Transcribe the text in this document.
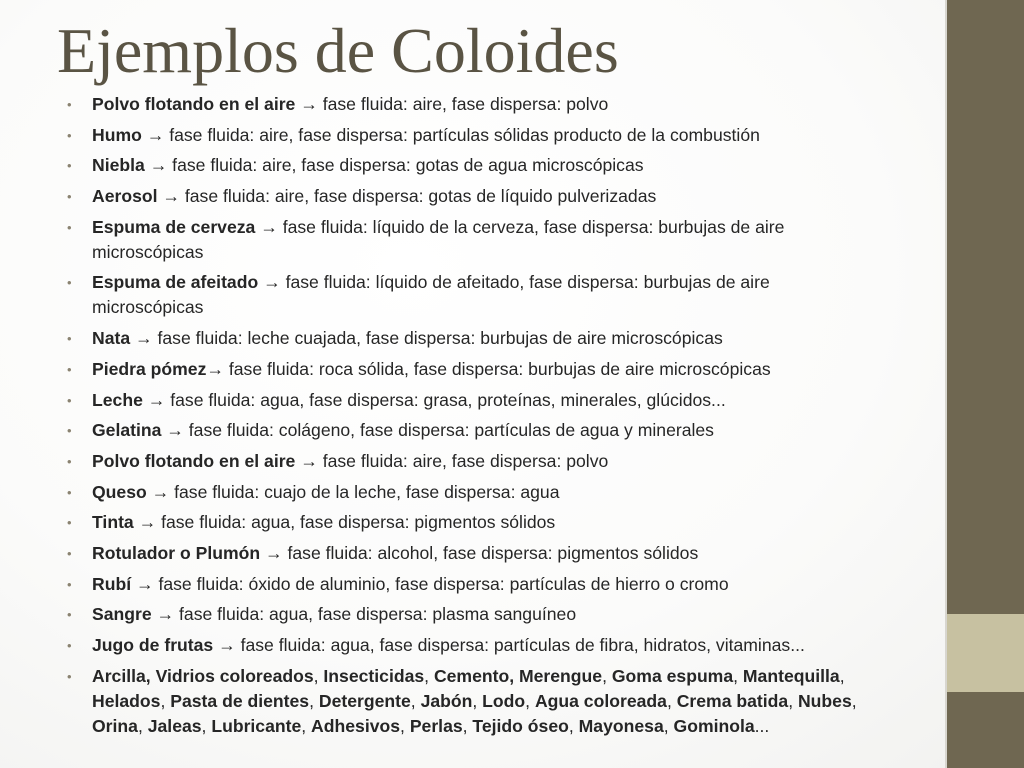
Ejemplos de Coloides
• Polvo flotando en el aire → fase fluida: aire, fase dispersa: polvo
• Humo → fase fluida: aire, fase dispersa: partículas sólidas producto de la combustión
• Niebla → fase fluida: aire, fase dispersa: gotas de agua microscópicas
• Aerosol → fase fluida: aire, fase dispersa: gotas de líquido pulverizadas
• Espuma de cerveza → fase fluida: líquido de la cerveza, fase dispersa: burbujas de aire microscópicas
• Espuma de afeitado → fase fluida: líquido de afeitado, fase dispersa: burbujas de aire microscópicas
• Nata → fase fluida: leche cuajada, fase dispersa: burbujas de aire microscópicas
• Piedra pómez→ fase fluida: roca sólida, fase dispersa: burbujas de aire microscópicas
• Leche → fase fluida: agua, fase dispersa: grasa, proteínas, minerales, glúcidos...
• Gelatina → fase fluida: colágeno, fase dispersa: partículas de agua y minerales
• Polvo flotando en el aire → fase fluida: aire, fase dispersa: polvo
• Queso → fase fluida: cuajo de la leche, fase dispersa: agua
• Tinta → fase fluida: agua, fase dispersa: pigmentos sólidos
• Rotulador o Plumón → fase fluida: alcohol, fase dispersa: pigmentos sólidos
• Rubí → fase fluida: óxido de aluminio, fase dispersa: partículas de hierro o cromo
• Sangre → fase fluida: agua, fase dispersa: plasma sanguíneo
• Jugo de frutas → fase fluida: agua, fase dispersa: partículas de fibra, hidratos, vitaminas...
• Arcilla, Vidrios coloreados, Insecticidas, Cemento, Merengue, Goma espuma, Mantequilla, Helados, Pasta de dientes, Detergente, Jabón, Lodo, Agua coloreada, Crema batida, Nubes, Orina, Jaleas, Lubricante, Adhesivos, Perlas, Tejido óseo, Mayonesa, Gominola...
